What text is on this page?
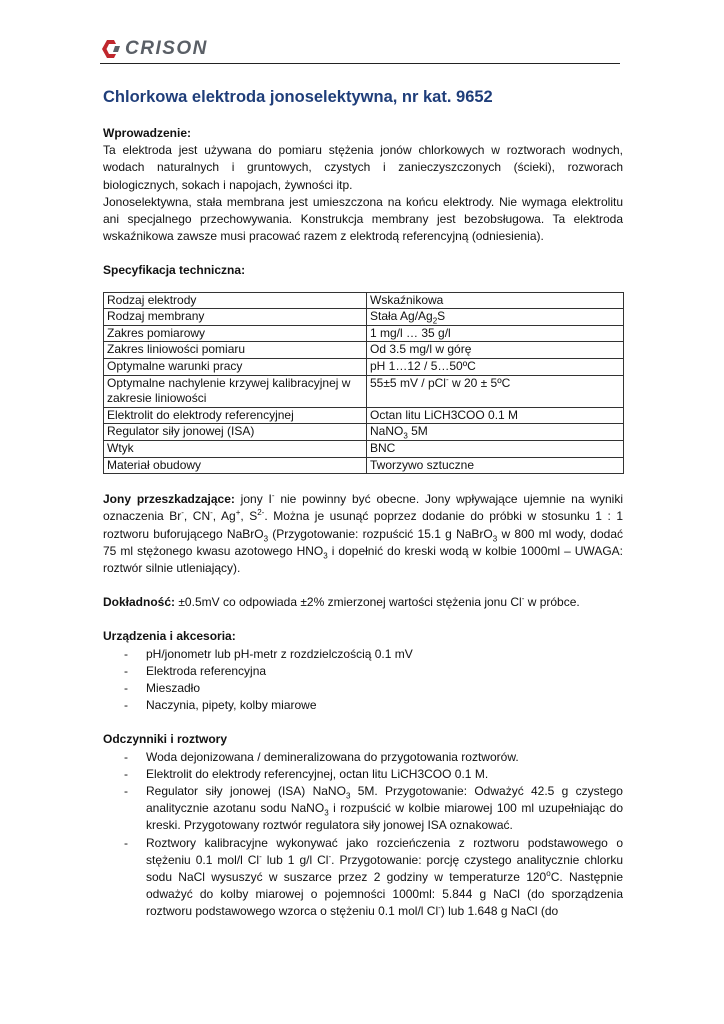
CRISON
Chlorkowa elektroda jonoselektywna, nr kat. 9652

Wprowadzenie:

Ta elektroda jest używana do pomiaru stężenia jonów chlorkowych w roztworach wodnych, wodach naturalnych i gruntowych, czystych i zanieczyszczonych (ścieki), rozworach biologicznych, sokach i napojach, żywności itp.

Jonoselektywna, stała membrana jest umieszczona na końcu elektrody. Nie wymaga elektrolitu ani specjalnego przechowywania. Konstrukcja membrany jest bezobsługowa. Ta elektroda wskaźnikowa zawsze musi pracować razem z elektrodą referencyjną (odniesienia).

Specyfikacja techniczna:

Rodzaj elektrody	Wskaźnikowa
Rodzaj membrany	Stała $Ag/Ag_2S$
Zakres pomiarowy	1 mg/l … 35 g/l
Zakres liniowości pomiaru	Od 3.5 mg/l w górę
Optymalne warunki pracy	pH 1…12 / 5…50ºC
Optymalne nachylenie krzywej kalibracyjnej w zakresie liniowości	55±5 mV / pCl- w 20 ± 5ºC
Elektrolit do elektrody referencyjnej	Octan litu LiCH3COO 0.1 M
Regulator siły jonowej (ISA)	NaNO$_3$ 5M
Wtyk	BNC
Materiał obudowy	Tworzywo sztuczne

Jony przeszkadzające: jony I- nie powinny być obecne. Jony wpływające ujemnie na wyniki oznaczenia Br-, CN-, Ag+, $S^{2-}$. Można je usunąć poprzez dodanie do próbki w stosunku 1 : 1 roztworu buforującego NaBrO$_3$ (Przygotowanie: rozpuścić 15.1 g NaBrO$_3$ w 800 ml wody, dodać 75 ml stężonego kwasu azotowego $HNO_3$ i dopełnić do kreski wodą w kolbie 1000ml – UWAGA: roztwór silnie utleniający).

Dokładność: ±0.5mV co odpowiada ±2% zmierzonej wartości stężenia jonu Cl- w próbce.

Urządzenia i akcesoria:

- pH/jonometr lub pH-metr z rozdzielczością 0.1 mV
- Elektroda referencyjna
- Mieszadło
- Naczynia, pipety, kolby miarowe

Odczynniki i roztwory

- Woda dejonizowana / demineralizowana do przygotowania roztworów.
- Elektrolit do elektrody referencyjnej, octan litu LiCH3COO 0.1 M.
- Regulator siły jonowej (ISA) NaNO$_3$ 5M. Przygotowanie: Odważyć 42.5 g czystego analitycznie azotanu sodu NaNO$_3$ i rozpuścić w kolbie miarowej 100 ml uzupełniając do kreski. Przygotowany roztwór regulatora siły jonowej ISA oznakować.
- Roztwory kalibracyjne wykonywać jako rozcieńczenia z roztworu podstawowego o stężeniu 0.1 mol/l Cl- lub 1 g/l Cl-. Przygotowanie: porcję czystego analitycznie chlorku sodu NaCl wysuszyć w suszarce przez 2 godziny w temperaturze 120$^o$C. Następnie odważyć do kolby miarowej o pojemności 1000ml: 5.844 g NaCl (do sporządzenia roztworu podstawowego wzorca o stężeniu 0.1 mol/l Cl-) lub 1.648 g NaCl (do
